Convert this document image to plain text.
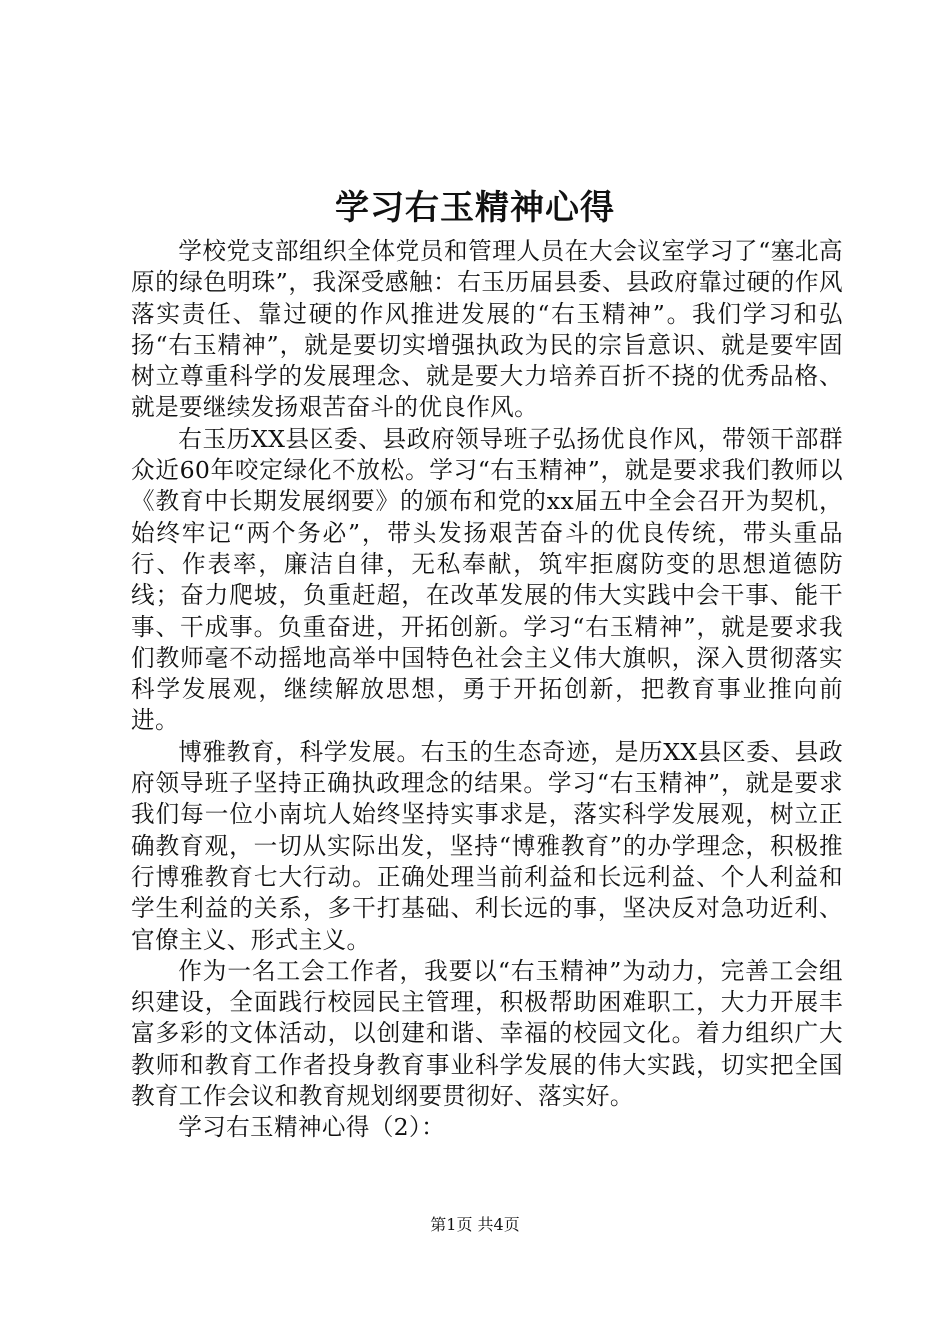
学习右玉精神心得

学校党支部组织全体党员和管理人员在大会议室学习了“塞北高原的绿色明珠”，我深受感触：右玉历届县委、县政府靠过硬的作风落实责任、靠过硬的作风推进发展的“右玉精神”。我们学习和弘扬“右玉精神”，就是要切实增强执政为民的宗旨意识、就是要牢固树立尊重科学的发展理念、就是要大力培养百折不挠的优秀品格、就是要继续发扬艰苦奋斗的优良作风。

右玉历XX县区委、县政府领导班子弘扬优良作风，带领干部群众近60年咬定绿化不放松。学习“右玉精神”，就是要求我们教师以《教育中长期发展纲要》的颁布和党的xx届五中全会召开为契机，始终牢记“两个务必”，带头发扬艰苦奋斗的优良传统，带头重品行、作表率，廉洁自律，无私奉献，筑牢拒腐防变的思想道德防线；奋力爬坡，负重赶超，在改革发展的伟大实践中会干事、能干事、干成事。负重奋进，开拓创新。学习“右玉精神”，就是要求我们教师毫不动摇地高举中国特色社会主义伟大旗帜，深入贯彻落实科学发展观，继续解放思想，勇于开拓创新，把教育事业推向前进。

博雅教育，科学发展。右玉的生态奇迹，是历XX县区委、县政府领导班子坚持正确执政理念的结果。学习“右玉精神”，就是要求我们每一位小南坑人始终坚持实事求是，落实科学发展观，树立正确教育观，一切从实际出发，坚持“博雅教育”的办学理念，积极推行博雅教育七大行动。正确处理当前利益和长远利益、个人利益和学生利益的关系，多干打基础、利长远的事，坚决反对急功近利、官僚主义、形式主义。

作为一名工会工作者，我要以“右玉精神”为动力，完善工会组织建设，全面践行校园民主管理，积极帮助困难职工，大力开展丰富多彩的文体活动，以创建和谐、幸福的校园文化。着力组织广大教师和教育工作者投身教育事业科学发展的伟大实践，切实把全国教育工作会议和教育规划纲要贯彻好、落实好。

学习右玉精神心得（2）：

第1页 共4页
